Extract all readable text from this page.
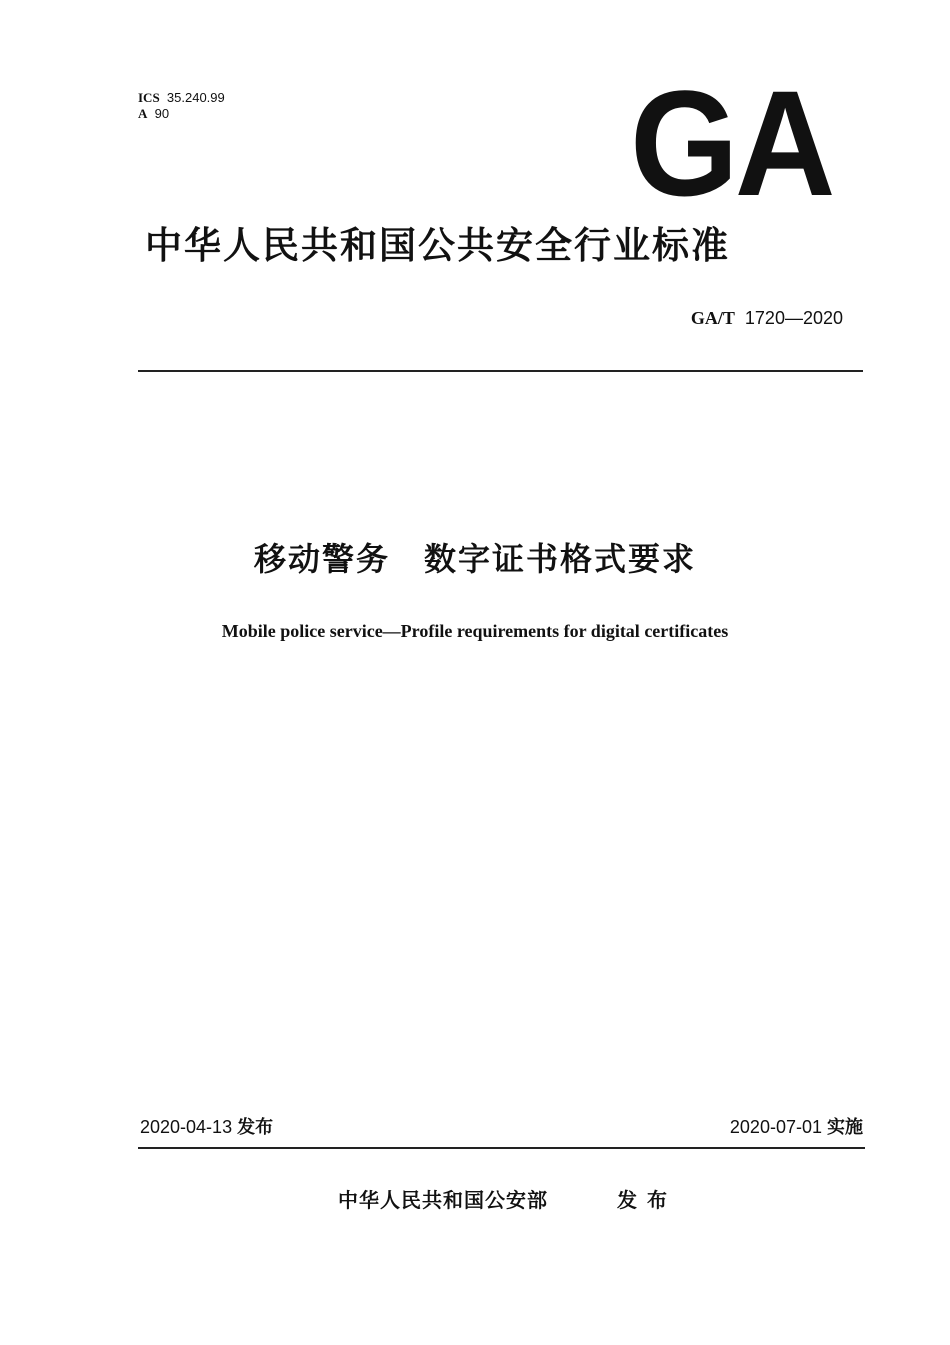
ICS 35.240.99
A 90	GA
中华人民共和国公共安全行业标准
GA/T 1720—2020
移动警务 数字证书格式要求
Mobile police service—Profile requirements for digital certificates
2020-04-13 发布	2020-07-01 实施
中华人民共和国公安部	发布
